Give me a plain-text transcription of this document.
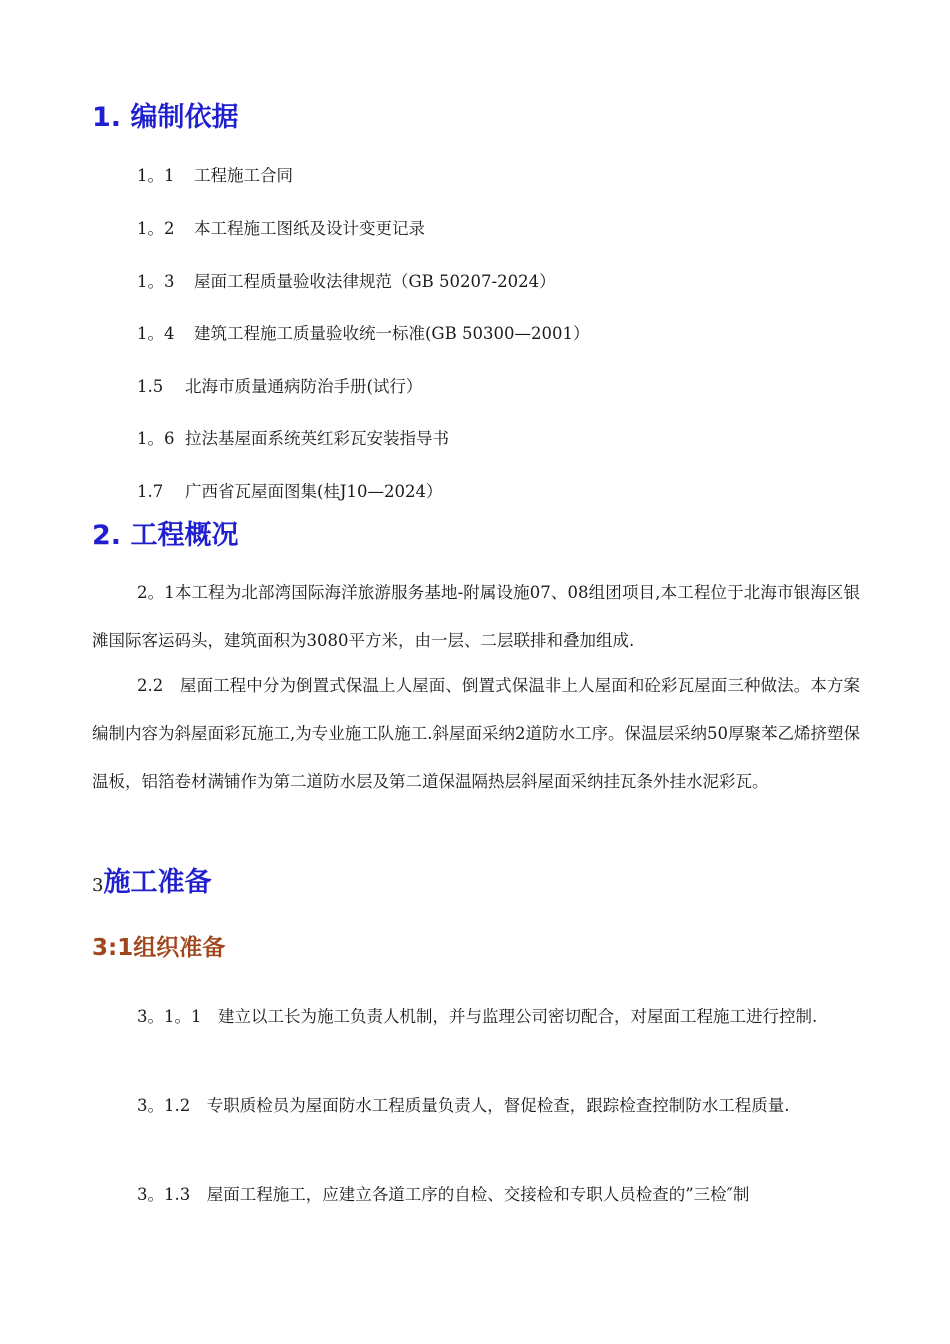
1. 编制依据
1。1 工程施工合同
1。2 本工程施工图纸及设计变更记录
1。3 屋面工程质量验收法律规范（GB 50207-2024）
1。4 建筑工程施工质量验收统一标准(GB 50300—2001）
1.5 北海市质量通病防治手册(试行）
1。6 拉法基屋面系统英红彩瓦安装指导书
1.7 广西省瓦屋面图集(桂J10—2024）
2. 工程概况
2。1本工程为北部湾国际海洋旅游服务基地-附属设施07、08组团项目,本工程位于北海市银海区银滩国际客运码头，建筑面积为3080平方米，由一层、二层联排和叠加组成.
2.2　屋面工程中分为倒置式保温上人屋面、倒置式保温非上人屋面和砼彩瓦屋面三种做法。本方案编制内容为斜屋面彩瓦施工,为专业施工队施工.斜屋面采纳2道防水工序。保温层采纳50厚聚苯乙烯挤塑保温板，铝箔卷材满铺作为第二道防水层及第二道保温隔热层斜屋面采纳挂瓦条外挂水泥彩瓦。
3施工准备
3:1组织准备
3。1。1　建立以工长为施工负责人机制，并与监理公司密切配合，对屋面工程施工进行控制.
3。1.2　专职质检员为屋面防水工程质量负责人，督促检查，跟踪检查控制防水工程质量.
3。1.3　屋面工程施工，应建立各道工序的自检、交接检和专职人员检查的”三检″制
